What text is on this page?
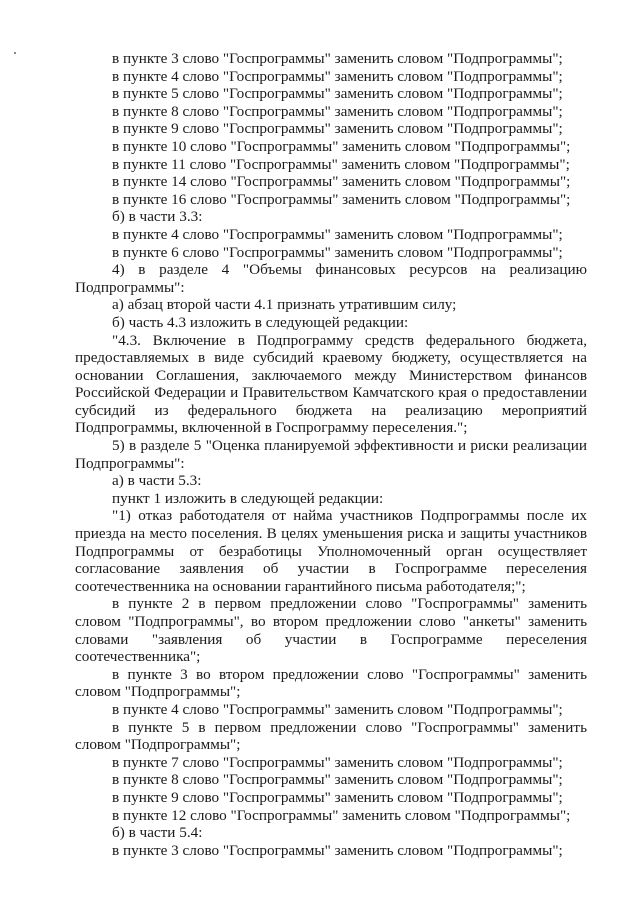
в пункте 3 слово "Госпрограммы" заменить словом "Подпрограммы";
в пункте 4 слово "Госпрограммы" заменить словом "Подпрограммы";
в пункте 5 слово "Госпрограммы" заменить словом "Подпрограммы";
в пункте 8 слово "Госпрограммы" заменить словом "Подпрограммы";
в пункте 9 слово "Госпрограммы" заменить словом "Подпрограммы";
в пункте 10 слово "Госпрограммы" заменить словом "Подпрограммы";
в пункте 11 слово "Госпрограммы" заменить словом "Подпрограммы";
в пункте 14 слово "Госпрограммы" заменить словом "Подпрограммы";
в пункте 16 слово "Госпрограммы" заменить словом "Подпрограммы";
б) в части 3.3:
в пункте 4 слово "Госпрограммы" заменить словом "Подпрограммы";
в пункте 6 слово "Госпрограммы" заменить словом "Подпрограммы";

4) в разделе 4 "Объемы финансовых ресурсов на реализацию Подпрограммы":

а) абзац второй части 4.1 признать утратившим силу;
б) часть 4.3 изложить в следующей редакции:

"4.3. Включение в Подпрограмму средств федерального бюджета, предоставляемых в виде субсидий краевому бюджету, осуществляется на основании Соглашения, заключаемого между Министерством финансов Российской Федерации и Правительством Камчатского края о предоставлении субсидий из федерального бюджета на реализацию мероприятий Подпрограммы, включенной в Госпрограмму переселения.";

5) в разделе 5 "Оценка планируемой эффективности и риски реализации Подпрограммы":

а) в части 5.3:
пункт 1 изложить в следующей редакции:

"1) отказ работодателя от найма участников Подпрограммы после их приезда на место поселения. В целях уменьшения риска и защиты участников Подпрограммы от безработицы Уполномоченный орган осуществляет согласование заявления об участии в Госпрограмме переселения соотечественника на основании гарантийного письма работодателя;";

в пункте 2 в первом предложении слово "Госпрограммы" заменить словом "Подпрограммы", во втором предложении слово "анкеты" заменить словами "заявления об участии в Госпрограмме переселения соотечественника";

в пункте 3 во втором предложении слово "Госпрограммы" заменить словом "Подпрограммы";

в пункте 4 слово "Госпрограммы" заменить словом "Подпрограммы";

в пункте 5 в первом предложении слово "Госпрограммы" заменить словом "Подпрограммы";

в пункте 7 слово "Госпрограммы" заменить словом "Подпрограммы";
в пункте 8 слово "Госпрограммы" заменить словом "Подпрограммы";
в пункте 9 слово "Госпрограммы" заменить словом "Подпрограммы";
в пункте 12 слово "Госпрограммы" заменить словом "Подпрограммы";
б) в части 5.4:
в пункте 3 слово "Госпрограммы" заменить словом "Подпрограммы";
